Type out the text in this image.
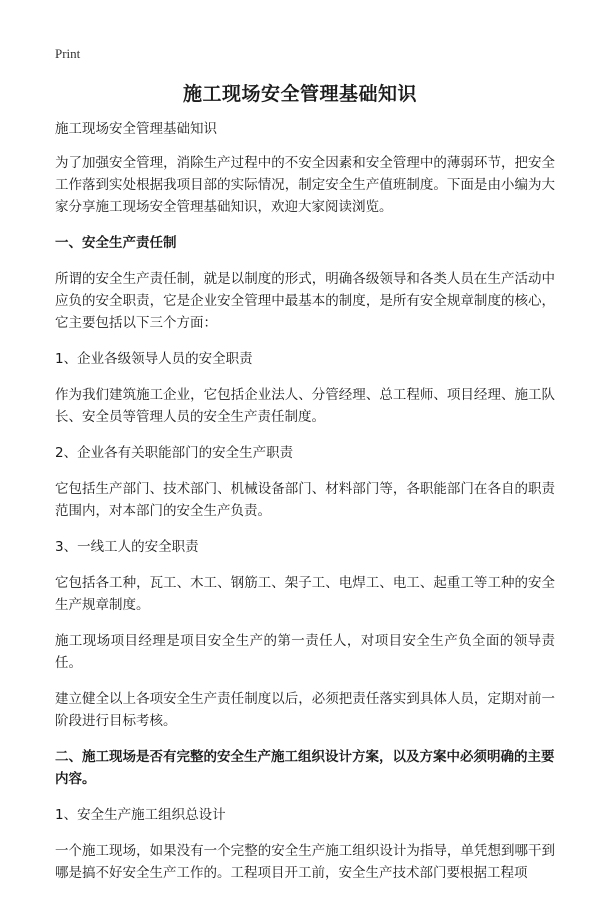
Print
施工现场安全管理基础知识

施工现场安全管理基础知识

为了加强安全管理，消除生产过程中的不安全因素和安全管理中的薄弱环节，把安全工作落到实处根据我项目部的实际情况，制定安全生产值班制度。下面是由小编为大家分享施工现场安全管理基础知识，欢迎大家阅读浏览。

一、安全生产责任制

所谓的安全生产责任制，就是以制度的形式，明确各级领导和各类人员在生产活动中应负的安全职责，它是企业安全管理中最基本的制度，是所有安全规章制度的核心，它主要包括以下三个方面：

1、企业各级领导人员的安全职责

作为我们建筑施工企业，它包括企业法人、分管经理、总工程师、项目经理、施工队长、安全员等管理人员的安全生产责任制度。

2、企业各有关职能部门的安全生产职责

它包括生产部门、技术部门、机械设备部门、材料部门等，各职能部门在各自的职责范围内，对本部门的安全生产负责。

3、一线工人的安全职责

它包括各工种，瓦工、木工、钢筋工、架子工、电焊工、电工、起重工等工种的安全生产规章制度。

施工现场项目经理是项目安全生产的第一责任人，对项目安全生产负全面的领导责任。

建立健全以上各项安全生产责任制度以后，必须把责任落实到具体人员，定期对前一阶段进行目标考核。

二、施工现场是否有完整的安全生产施工组织设计方案，以及方案中必须明确的主要内容。

1、安全生产施工组织总设计

一个施工现场，如果没有一个完整的安全生产施工组织设计为指导，单凭想到哪干到哪是搞不好安全生产工作的。工程项目开工前，安全生产技术部门要根据工程项
